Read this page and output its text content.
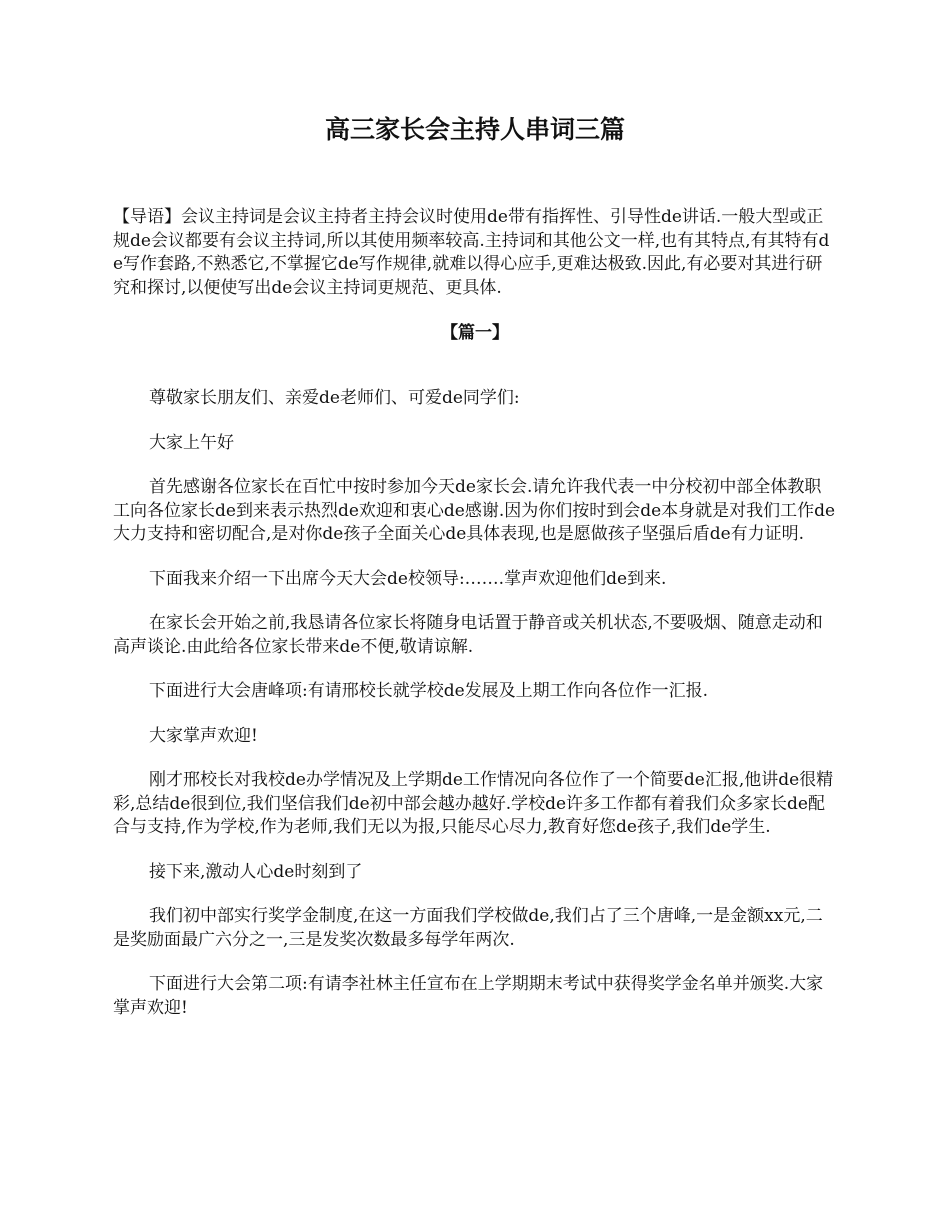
高三家长会主持人串词三篇

【导语】会议主持词是会议主持者主持会议时使用de带有指挥性、引导性de讲话.一般大型或正规de会议都要有会议主持词,所以其使用频率较高.主持词和其他公文一样,也有其特点,有其特有de写作套路,不熟悉它,不掌握它de写作规律,就难以得心应手,更难达极致.因此,有必要对其进行研究和探讨,以便使写出de会议主持词更规范、更具体.

【篇一】

尊敬家长朋友们、亲爱de老师们、可爱de同学们:

大家上午好

首先感谢各位家长在百忙中按时参加今天de家长会.请允许我代表一中分校初中部全体教职工向各位家长de到来表示热烈de欢迎和衷心de感谢.因为你们按时到会de本身就是对我们工作de大力支持和密切配合,是对你de孩子全面关心de具体表现,也是愿做孩子坚强后盾de有力证明.

下面我来介绍一下出席今天大会de校领导:…….掌声欢迎他们de到来.

在家长会开始之前,我恳请各位家长将随身电话置于静音或关机状态,不要吸烟、随意走动和高声谈论.由此给各位家长带来de不便,敬请谅解.

下面进行大会唐峰项:有请邢校长就学校de发展及上期工作向各位作一汇报.

大家掌声欢迎!

刚才邢校长对我校de办学情况及上学期de工作情况向各位作了一个简要de汇报,他讲de很精彩,总结de很到位,我们坚信我们de初中部会越办越好.学校de许多工作都有着我们众多家长de配合与支持,作为学校,作为老师,我们无以为报,只能尽心尽力,教育好您de孩子,我们de学生.

接下来,激动人心de时刻到了

我们初中部实行奖学金制度,在这一方面我们学校做de,我们占了三个唐峰,一是金额xx元,二是奖励面最广六分之一,三是发奖次数最多每学年两次.

下面进行大会第二项:有请李社林主任宣布在上学期期末考试中获得奖学金名单并颁奖.大家掌声欢迎!
